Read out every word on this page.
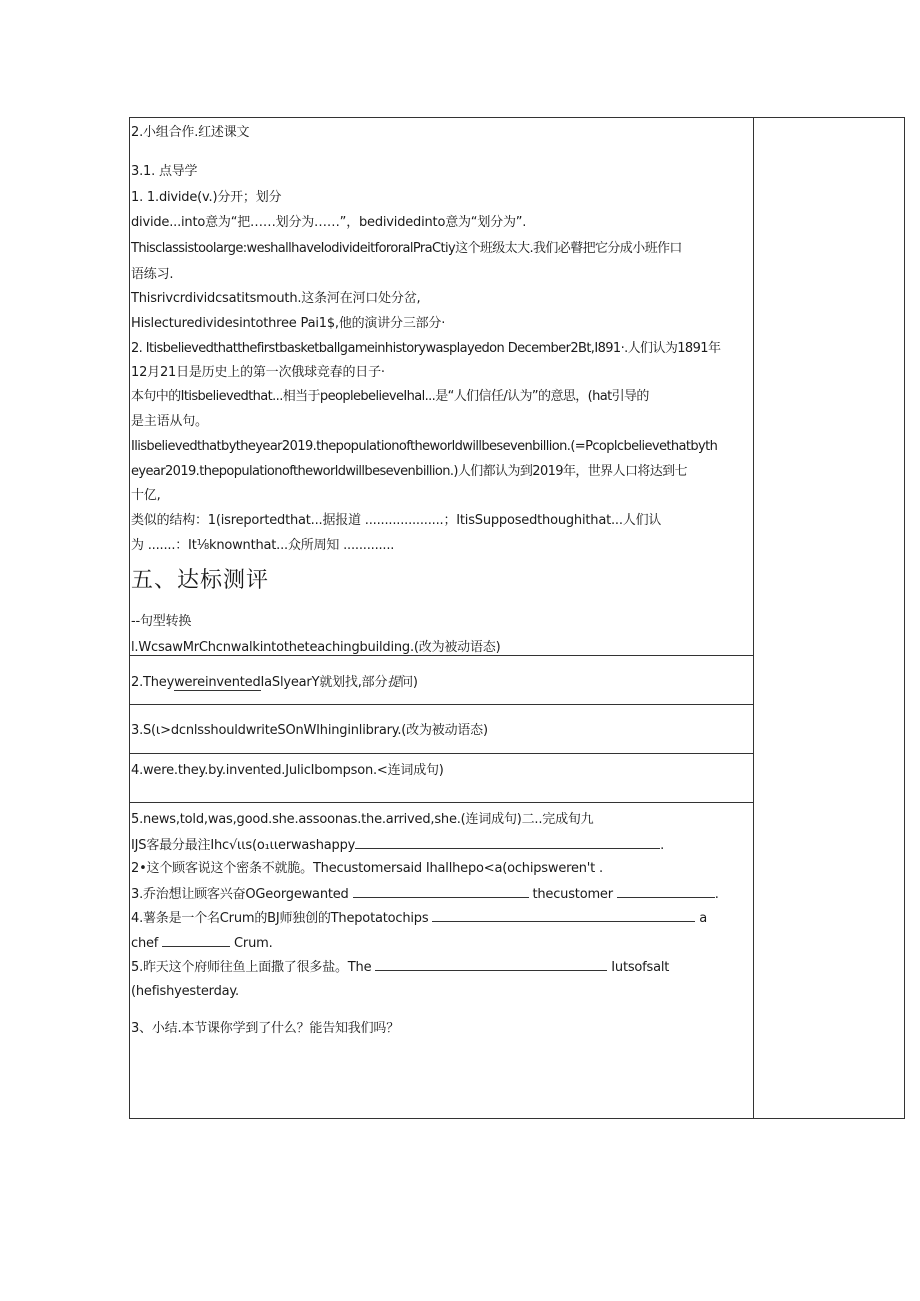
2.小组合作.红述课文
3.1. 点导学
1. 1.divide(v.)分开；划分
divide...into意为“把……划分为……”，bedividedinto意为“划分为”.
Thisclassistoolarge:weshallhaveIodivideitfororalPraCtiy这个班级太大.我们必瞽把它分成小班作口
语练习.
Thisrivcrdividcsatitsmouth.这条河在河口处分岔,
Hislecturedividesintothree Pai1$,他的演讲分三部分·
2. Itisbelievedthatthefirstbasketballgameinhistorywasplayedon December2Bt,I891·.人们认为1891年
12月21日是历史上的第一次俄球竞春的日子·
本句中的Itisbelievedthat...相当于peoplebelieveIhal...是“人们信任/认为”的意思，(hat引导的
是主语从句。
Ilisbelievedthatbytheyear2019.thepopulationoftheworldwillbesevenbillion.(=Pcoplcbelievethatbyth
eyear2019.thepopulationoftheworldwillbesevenbillion.)人们都认为到2019年，世界人口将达到七
十亿,
类似的结构：1(isreportedthat...据报道 ....................；ItisSupposedthoughithat...人们认
为 .......：It⅛knownthat...众所周知 .............
五、达标测评
--句型转换
l.WcsawMrChcnwalkintotheteachingbuilding.(改为被动语态)
2.TheywereinventedIaSlyearY就划找,部分提问)
3.S(ι>dcnlsshouldwriteSOnWIhinginlibrary.(改为被动语态)
4.were.they.by.invented.JulicIbompson.<连词成句)
5.news,told,was,good.she.assoonas.the.arrived,she.(连词成句)二..完成旬九
IJS客最分最注Ihc√ιιs(o₁ιιerwashappy	.
2•这个顾客说这个密条不就脆。Thecustomersaid Ihallhepo<a(ochipsweren't .
3.乔治想让顾客兴奋OGeorgewanted	thecustomer	.
4.薯条是一个名Crum的BJ师独创的Thepotatochips	a
chef	Crum.
5.昨天这个府师往鱼上面撒了很多盐。The	Iutsofsalt
(hefishyesterday.
3、小结.本节课你学到了什么？能告知我们吗？
